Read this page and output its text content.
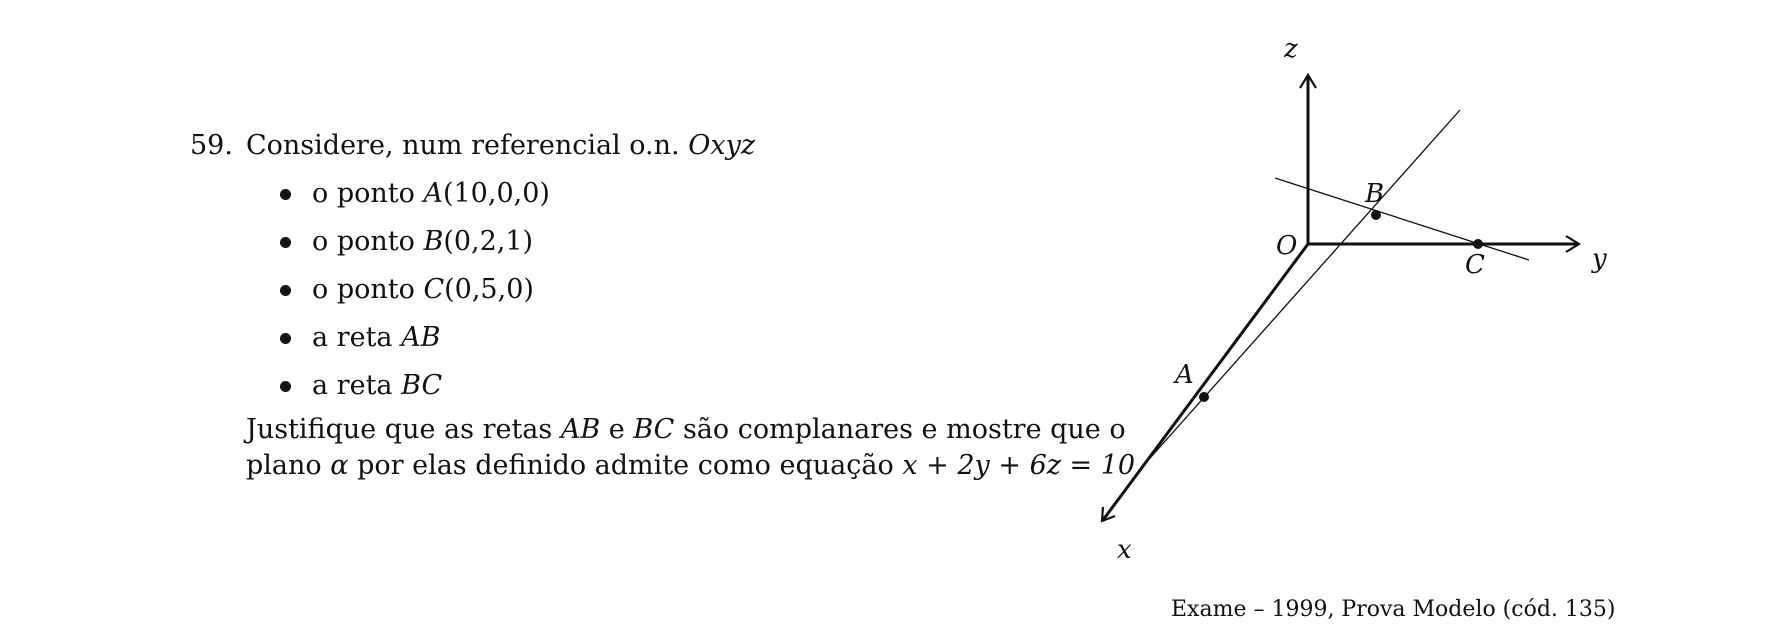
59. Considere, num referencial o.n. Oxyz
o ponto A(10,0,0)
o ponto B(0,2,1)
o ponto C(0,5,0)
a reta AB
a reta BC
Justifique que as retas AB e BC são complanares e mostre que o
plano α por elas definido admite como equação x + 2y + 6z = 10
z
y
x
O
A
B
C
Exame – 1999, Prova Modelo (cód. 135)
